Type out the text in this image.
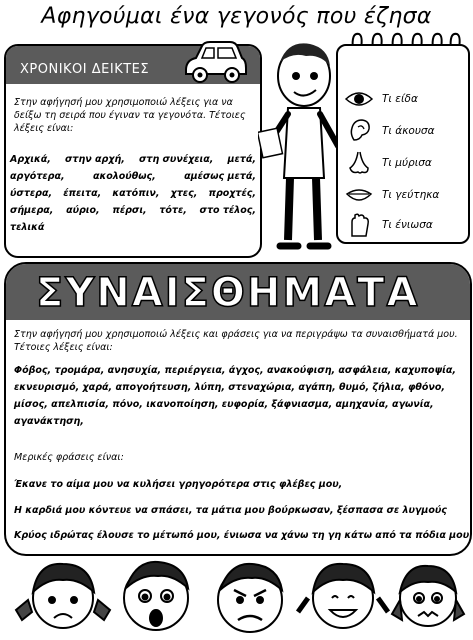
Αφηγούμαι ένα γεγονός που έζησα
ΧΡΟΝΙΚΟΙ ΔΕΙΚΤΕΣ
Στην αφήγησή μου χρησιμοποιώ λέξεις για να δείξω τη σειρά που έγιναν τα γεγονότα. Τέτοιες λέξεις είναι:
Αρχικά, στην αρχή, στη συνέχεια, μετά,
αργότερα,	ακολούθως,	αμέσως μετά,
ύστερα, έπειτα, κατόπιν, χτες, προχτές,
σήμερα, αύριο, πέρσι, τότε, στο τέλος,
τελικά
Τι είδα
Τι άκουσα
Τι μύρισα
Τι γεύτηκα
Τι ένιωσα
ΣΥΝΑΙΣΘΗΜΑΤΑ
Στην αφήγησή μου χρησιμοποιώ λέξεις και φράσεις για να περιγράψω τα συναισθήματά μου. Τέτοιες λέξεις είναι:
Φόβος, τρομάρα, ανησυχία, περιέργεια, άγχος, ανακούφιση, ασφάλεια, καχυποψία, εκνευρισμό, χαρά, απογοήτευση, λύπη, στεναχώρια, αγάπη, θυμό, ζήλια, φθόνο, μίσος, απελπισία, πόνο, ικανοποίηση, ευφορία, ξάφνιασμα, αμηχανία, αγωνία, αγανάκτηση,
Μερικές φράσεις είναι:
Έκανε το αίμα μου να κυλήσει γρηγορότερα στις φλέβες μου,
Η καρδιά μου κόντευε να σπάσει, τα μάτια μου βούρκωσαν, ξέσπασα σε λυγμούς
Κρύος ιδρώτας έλουσε το μέτωπό μου, ένιωσα να χάνω τη γη κάτω από τα πόδια μου
